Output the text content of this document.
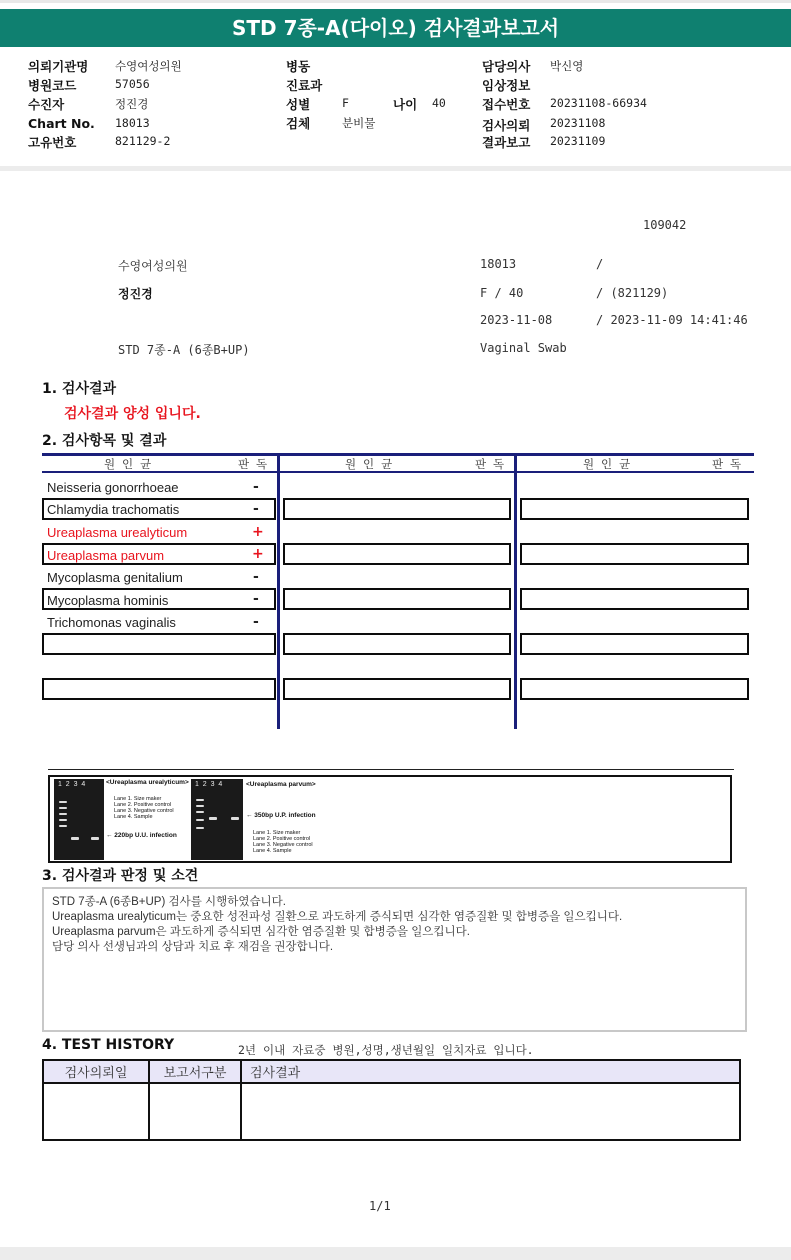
STD 7종-A(다이오) 검사결과보고서
의뢰기관명 수영여성의원
병원코드	57056
수진자	정진경
Chart No. 18013
고유번호	821129-2
병동
진료과
성별	F	나이 40
검체	분비물
담당의사 박신영
임상정보
접수번호 20231108-66934
검사의뢰 20231108
결과보고 20231109
109042
수영여성의원	18013	/
정진경	F / 40	/ (821129)
2023-11-08	/ 2023-11-09 14:41:46
STD 7종-A (6종B+UP)	Vaginal Swab
1. 검사결과
검사결과 양성 입니다.
2. 검사항목 및 결과
원 인 균	판 독	원 인 균	판 독	원 인 균	판 독
Neisseria gonorrhoeae	-
Chlamydia trachomatis	-
Ureaplasma urealyticum	+
Ureaplasma parvum	+
Mycoplasma genitalium	-
Mycoplasma hominis	-
Trichomonas vaginalis	-
1  2  3  4	<Ureaplasma urealyticum>
Lane 1. Size maker
Lane 2. Positive control
Lane 3. Negative control
Lane 4. Sample
← 220bp U.U. infection
1  2  3  4	<Ureaplasma parvum>
← 350bp U.P. infection
Lane 1. Size maker
Lane 2. Positive control
Lane 3. Negative control
Lane 4. Sample
3. 검사결과 판정 및 소견
STD 7종-A (6종B+UP) 검사를 시행하였습니다.
Ureaplasma urealyticum는 중요한 성전파성 질환으로 과도하게 증식되면 심각한 염증질환 및 합병증을 일으킵니다.
Ureaplasma parvum은 과도하게 증식되면 심각한 염증질환 및 합병증을 일으킵니다.
담당 의사 선생님과의 상담과 치료 후 재검을 권장합니다.
4. TEST HISTORY	2년 이내 자료중 병원,성명,생년월일 일치자료 입니다.
검사의뢰일	보고서구분	검사결과

1/1
